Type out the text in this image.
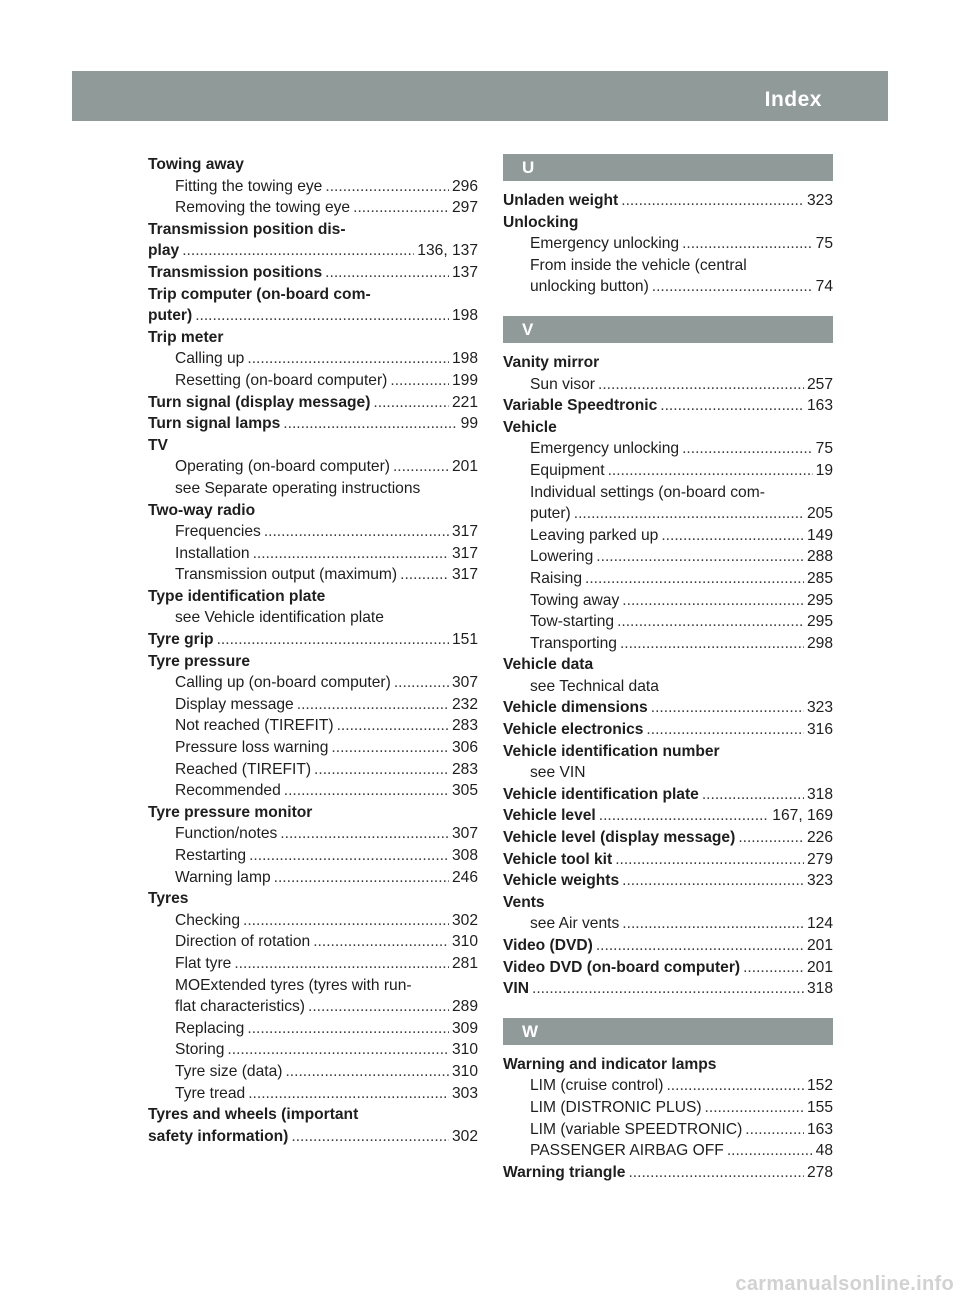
Index	17
Towing away
Fitting the towing eye .....	296
Removing the towing eye .....	297
Transmission position dis-
play .....	136, 137
Transmission positions .....	137
Trip computer (on-board com-
puter) .....	198
Trip meter
Calling up .....	198
Resetting (on-board computer) .....	199
Turn signal (display message) .....	221
Turn signal lamps .....	99
TV
Operating (on-board computer) .....	201
see Separate operating instructions
Two-way radio
Frequencies .....	317
Installation .....	317
Transmission output (maximum) .....	317
Type identification plate
see Vehicle identification plate
Tyre grip .....	151
Tyre pressure
Calling up (on-board computer) .....	307
Display message .....	232
Not reached (TIREFIT) .....	283
Pressure loss warning .....	306
Reached (TIREFIT) .....	283
Recommended .....	305
Tyre pressure monitor
Function/notes .....	307
Restarting .....	308
Warning lamp .....	246
Tyres
Checking .....	302
Direction of rotation .....	310
Flat tyre .....	281
MOExtended tyres (tyres with run-
flat characteristics) .....	289
Replacing .....	309
Storing .....	310
Tyre size (data) .....	310
Tyre tread .....	303
Tyres and wheels (important
safety information) .....	302
U
Unladen weight .....	323
Unlocking
Emergency unlocking .....	75
From inside the vehicle (central
unlocking button) .....	74
V
Vanity mirror
Sun visor .....	257
Variable Speedtronic .....	163
Vehicle
Emergency unlocking .....	75
Equipment .....	19
Individual settings (on-board com-
puter) .....	205
Leaving parked up .....	149
Lowering .....	288
Raising .....	285
Towing away .....	295
Tow-starting .....	295
Transporting .....	298
Vehicle data
see Technical data
Vehicle dimensions .....	323
Vehicle electronics .....	316
Vehicle identification number
see VIN
Vehicle identification plate .....	318
Vehicle level .....	167, 169
Vehicle level (display message) .....	226
Vehicle tool kit .....	279
Vehicle weights .....	323
Vents
see Air vents .....	124
Video (DVD) .....	201
Video DVD (on-board computer) .....	201
VIN .....	318
W
Warning and indicator lamps
LIM (cruise control) .....	152
LIM (DISTRONIC PLUS) .....	155
LIM (variable SPEEDTRONIC) .....	163
PASSENGER AIRBAG OFF .....	48
Warning triangle .....	278
carmanualsonline.info
